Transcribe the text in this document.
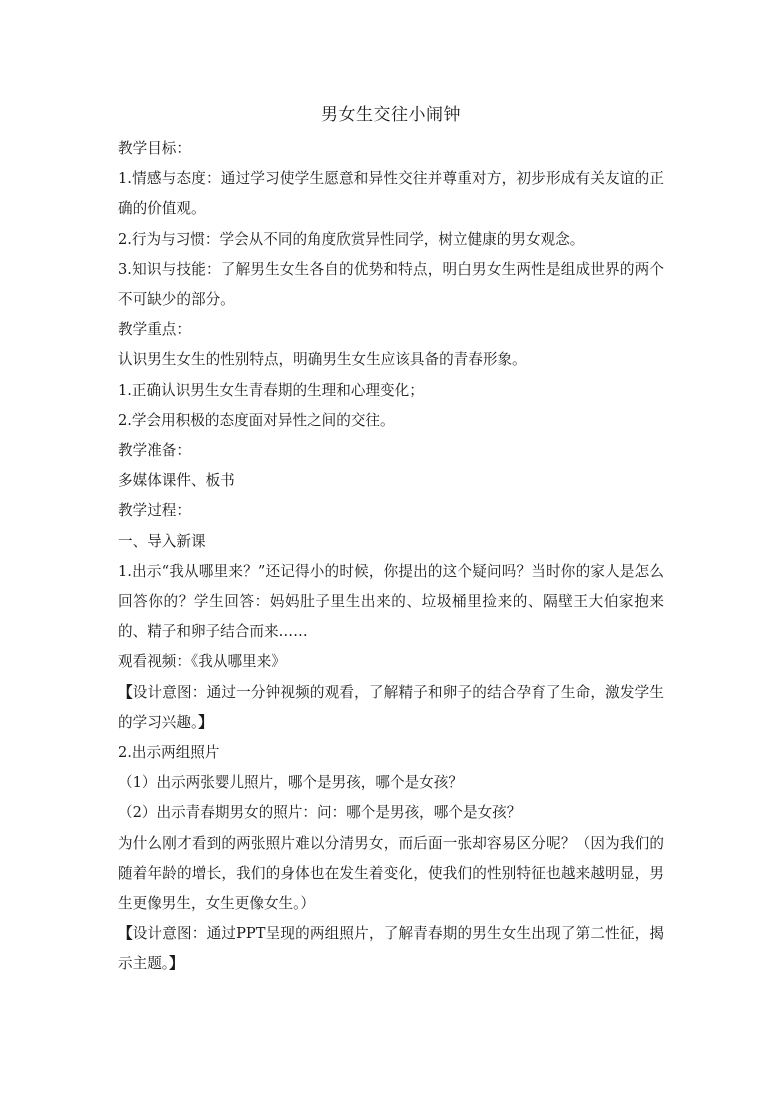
男女生交往小闹钟

教学目标：

1.情感与态度：通过学习使学生愿意和异性交往并尊重对方，初步形成有关友谊的正确的价值观。

2.行为与习惯：学会从不同的角度欣赏异性同学，树立健康的男女观念。

3.知识与技能：了解男生女生各自的优势和特点，明白男女生两性是组成世界的两个不可缺少的部分。

教学重点：

认识男生女生的性别特点，明确男生女生应该具备的青春形象。

1.正确认识男生女生青春期的生理和心理变化；

2.学会用积极的态度面对异性之间的交往。

教学准备：

多媒体课件、板书

教学过程：

一、导入新课

1.出示“我从哪里来？”还记得小的时候，你提出的这个疑问吗？当时你的家人是怎么回答你的？学生回答：妈妈肚子里生出来的、垃圾桶里捡来的、隔壁王大伯家抱来的、精子和卵子结合而来……

观看视频：《我从哪里来》

【设计意图：通过一分钟视频的观看，了解精子和卵子的结合孕育了生命，激发学生的学习兴趣。】

2.出示两组照片

（1）出示两张婴儿照片，哪个是男孩，哪个是女孩？

（2）出示青春期男女的照片：问：哪个是男孩，哪个是女孩？

为什么刚才看到的两张照片难以分清男女，而后面一张却容易区分呢？（因为我们的随着年龄的增长，我们的身体也在发生着变化，使我们的性别特征也越来越明显，男生更像男生，女生更像女生。）

【设计意图：通过PPT呈现的两组照片，了解青春期的男生女生出现了第二性征，揭示主题。】
